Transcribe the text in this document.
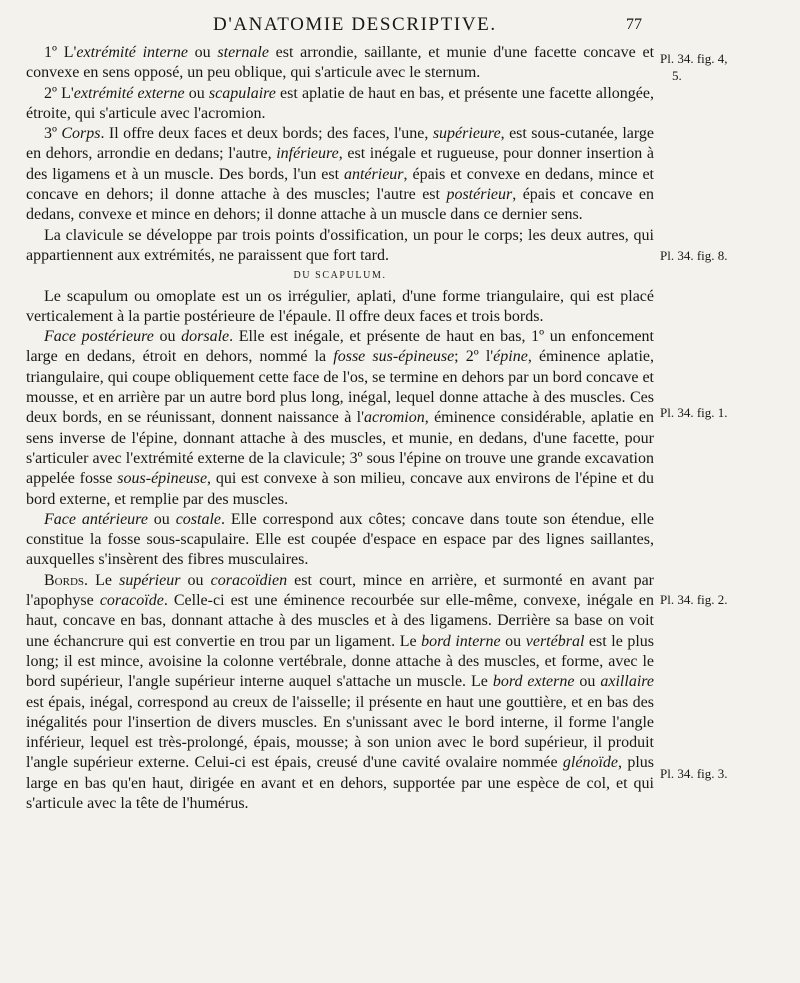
D'ANATOMIE DESCRIPTIVE.	77

1º L'extrémité interne ou sternale est arrondie, saillante, et munie d'une facette concave et convexe en sens opposé, un peu oblique, qui s'articule avec le sternum.

2º L'extrémité externe ou scapulaire est aplatie de haut en bas, et présente une facette allongée, étroite, qui s'articule avec l'acromion.

3º Corps. Il offre deux faces et deux bords; des faces, l'une, supérieure, est sous-cutanée, large en dehors, arrondie en dedans; l'autre, inférieure, est inégale et rugueuse, pour donner insertion à des ligamens et à un muscle. Des bords, l'un est antérieur, épais et convexe en dedans, mince et concave en dehors; il donne attache à des muscles; l'autre est postérieur, épais et concave en dedans, convexe et mince en dehors; il donne attache à un muscle dans ce dernier sens.

La clavicule se développe par trois points d'ossification, un pour le corps; les deux autres, qui appartiennent aux extrémités, ne paraissent que fort tard.

DU SCAPULUM.

Le scapulum ou omoplate est un os irrégulier, aplati, d'une forme triangulaire, qui est placé verticalement à la partie postérieure de l'épaule. Il offre deux faces et trois bords.

Face postérieure ou dorsale. Elle est inégale, et présente de haut en bas, 1º un enfoncement large en dedans, étroit en dehors, nommé la fosse sus-épineuse; 2º l'épine, éminence aplatie, triangulaire, qui coupe obliquement cette face de l'os, se termine en dehors par un bord concave et mousse, et en arrière par un autre bord plus long, inégal, lequel donne attache à des muscles. Ces deux bords, en se réunissant, donnent naissance à l'acromion, éminence considérable, aplatie en sens inverse de l'épine, donnant attache à des muscles, et munie, en dedans, d'une facette, pour s'articuler avec l'extrémité externe de la clavicule; 3º sous l'épine on trouve une grande excavation appelée fosse sous-épineuse, qui est convexe à son milieu, concave aux environs de l'épine et du bord externe, et remplie par des muscles.

Face antérieure ou costale. Elle correspond aux côtes; concave dans toute son étendue, elle constitue la fosse sous-scapulaire. Elle est coupée d'espace en espace par des lignes saillantes, auxquelles s'insèrent des fibres musculaires.

Bords. Le supérieur ou coracoïdien est court, mince en arrière, et surmonté en avant par l'apophyse coracoïde. Celle-ci est une éminence recourbée sur elle-même, convexe, inégale en haut, concave en bas, donnant attache à des muscles et à des ligamens. Derrière sa base on voit une échancrure qui est convertie en trou par un ligament. Le bord interne ou vertébral est le plus long; il est mince, avoisine la colonne vertébrale, donne attache à des muscles, et forme, avec le bord supérieur, l'angle supérieur interne auquel s'attache un muscle. Le bord externe ou axillaire est épais, inégal, correspond au creux de l'aisselle; il présente en haut une gouttière, et en bas des inégalités pour l'insertion de divers muscles. En s'unissant avec le bord interne, il forme l'angle inférieur, lequel est très-prolongé, épais, mousse; à son union avec le bord supérieur, il produit l'angle supérieur externe. Celui-ci est épais, creusé d'une cavité ovalaire nommée glénoïde, plus large en bas qu'en haut, dirigée en avant et en dehors, supportée par une espèce de col, et qui s'articule avec la tête de l'humérus.

Pl. 34. fig. 4,
5.
Pl. 34. fig. 8.
Pl. 34. fig. 1.
Pl. 34. fig. 2.
Pl. 34. fig. 3.
